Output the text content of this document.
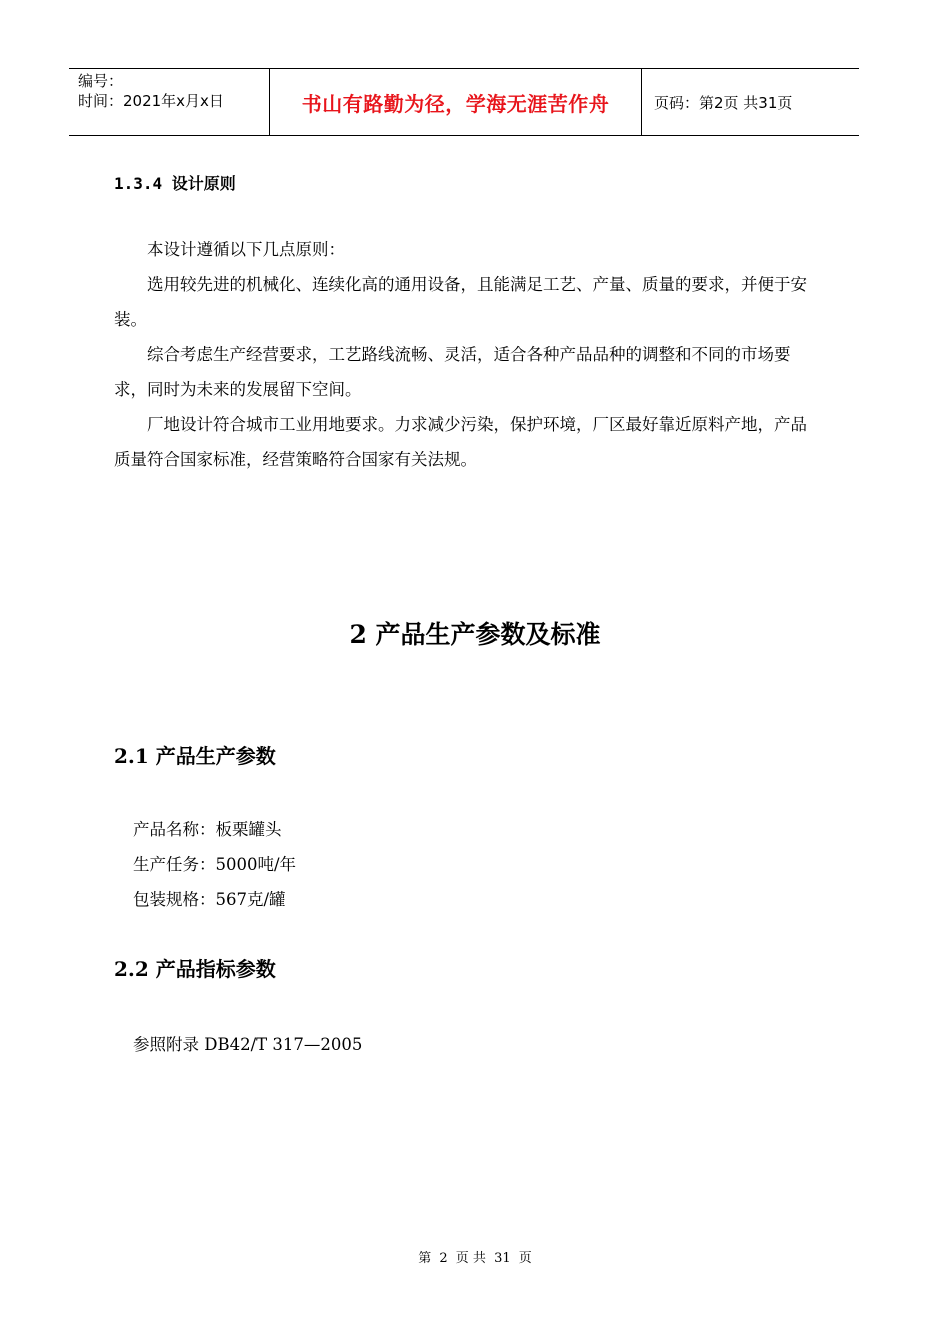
编号：
时间：2021年x月x日	书山有路勤为径，学海无涯苦作舟	页码：第2页 共31页
1.3.4 设计原则

本设计遵循以下几点原则：

选用较先进的机械化、连续化高的通用设备，且能满足工艺、产量、质量的要求，并便于安装。

综合考虑生产经营要求，工艺路线流畅、灵活，适合各种产品品种的调整和不同的市场要求，同时为未来的发展留下空间。

厂地设计符合城市工业用地要求。力求减少污染，保护环境，厂区最好靠近原料产地，产品质量符合国家标准，经营策略符合国家有关法规。

2 产品生产参数及标准
2.1 产品生产参数
产品名称：板栗罐头
生产任务：5000吨/年
包装规格：567克/罐
2.2 产品指标参数
参照附录 DB42/T 317—2005
第 2 页 共 31 页
